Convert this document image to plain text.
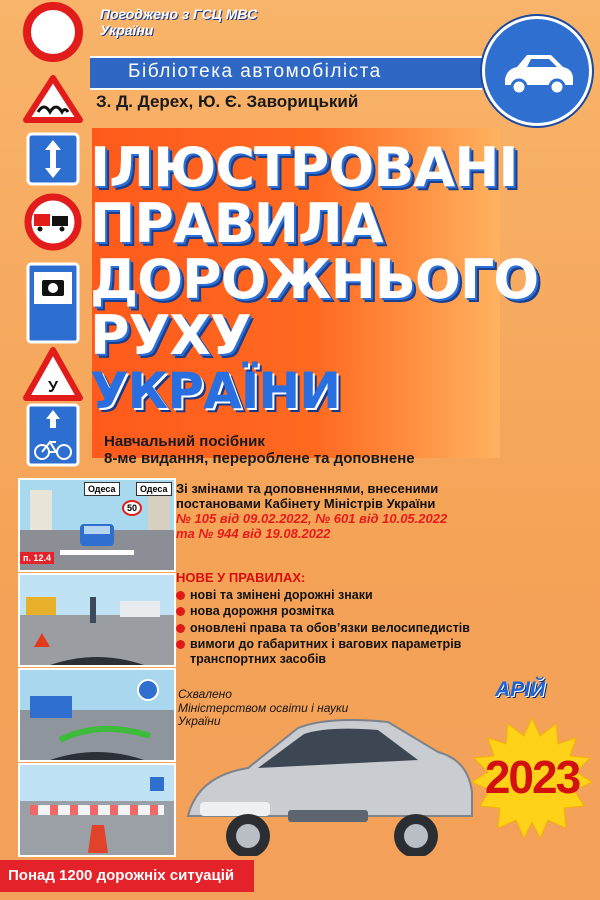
У
Погоджено з ГСЦ МВС України
Бібліотека автомобіліста
З. Д. Дерех, Ю. Є. Заворицький
ІЛЮСТРОВАНІ
ПРАВИЛА
ДОРОЖНЬОГО
РУХУ
УКРАЇНИ
Навчальний посібник
8-ме видання, перероблене та доповнене
Одеса	Одеса
50
п. 12.4
Зі змінами та доповненнями, внесеними постановами Кабінету Міністрів України
№ 105 від 09.02.2022, № 601 від 10.05.2022
та № 944 від 19.08.2022
НОВЕ У ПРАВИЛАХ:
нові та змінені дорожні знаки
нова дорожня розмітка
оновлені права та обов’язки велосипедистів
вимоги до габаритних і вагових параметрів транспортних засобів
Схвалено
Міністерством освіти і науки
України
АРІЙ
2023
Понад 1200 дорожніх ситуацій
